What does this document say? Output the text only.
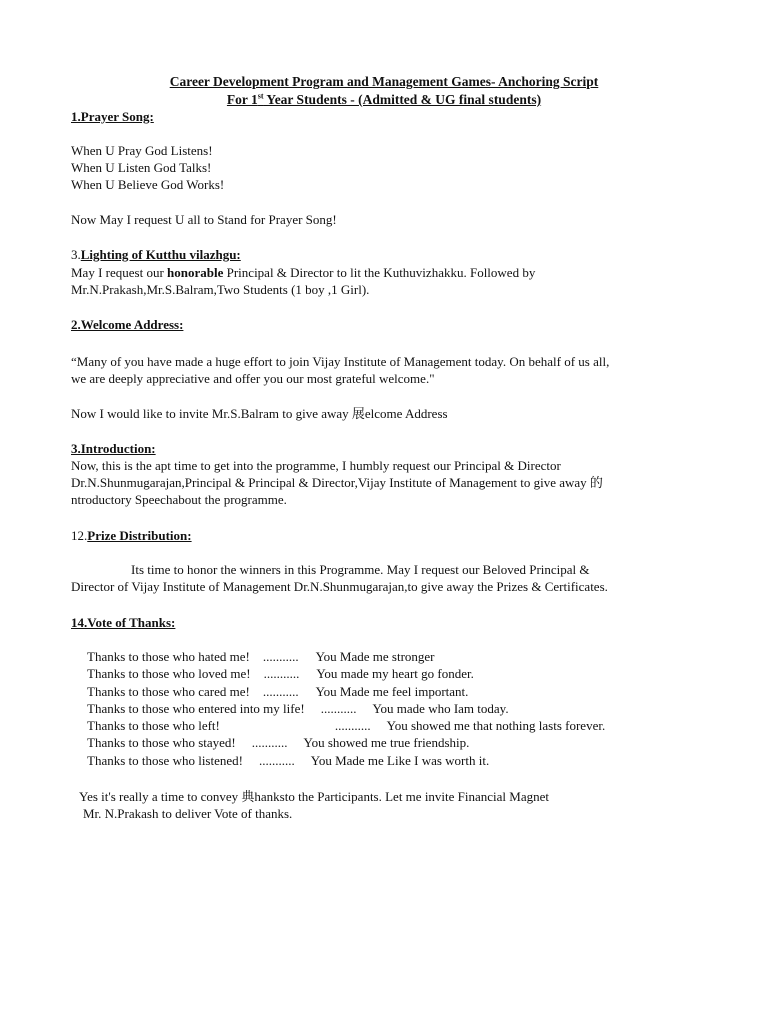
Career Development Program and Management Games- Anchoring Script
For 1st Year Students - (Admitted & UG final students)
1.Prayer Song:
When U Pray God Listens!
When U Listen God Talks!
When U Believe God Works!
Now May I request U all to Stand for Prayer Song!
3.Lighting of Kutthu vilazhgu:
May I request our honorable Principal & Director to lit the Kuthuvizhakku. Followed by
Mr.N.Prakash,Mr.S.Balram,Two Students (1 boy ,1 Girl).
2.Welcome Address:
“Many of you have made a huge effort to join Vijay Institute of Management today. On behalf of us all,
we are deeply appreciative and offer you our most grateful welcome."
Now I would like to invite Mr.S.Balram to give away 展elcome Address
3.Introduction:
Now, this is the apt time to get into the programme, I humbly request our Principal & Director
Dr.N.Shunmugarajan,Principal & Principal & Director,Vijay Institute of Management to give away 的
ntroductory Speechabout the programme.
12.Prize Distribution:
Its time to honor the winners in this Programme. May I request our Beloved Principal &
Director of Vijay Institute of Management Dr.N.Shunmugarajan,to give away the Prizes & Certificates.
14.Vote of Thanks:
Thanks to those who hated me! ........... You Made me stronger
Thanks to those who loved me! ........... You made my heart go fonder.
Thanks to those who cared me! ........... You Made me feel important.
Thanks to those who entered into my life! ........... You made who Iam today.
Thanks to those who left!	........... You showed me that nothing lasts forever.
Thanks to those who stayed! ........... You showed me true friendship.
Thanks to those who listened! ........... You Made me Like I was worth it.
Yes it's really a time to convey 典hanksto the Participants. Let me invite Financial Magnet
Mr. N.Prakash to deliver Vote of thanks.
